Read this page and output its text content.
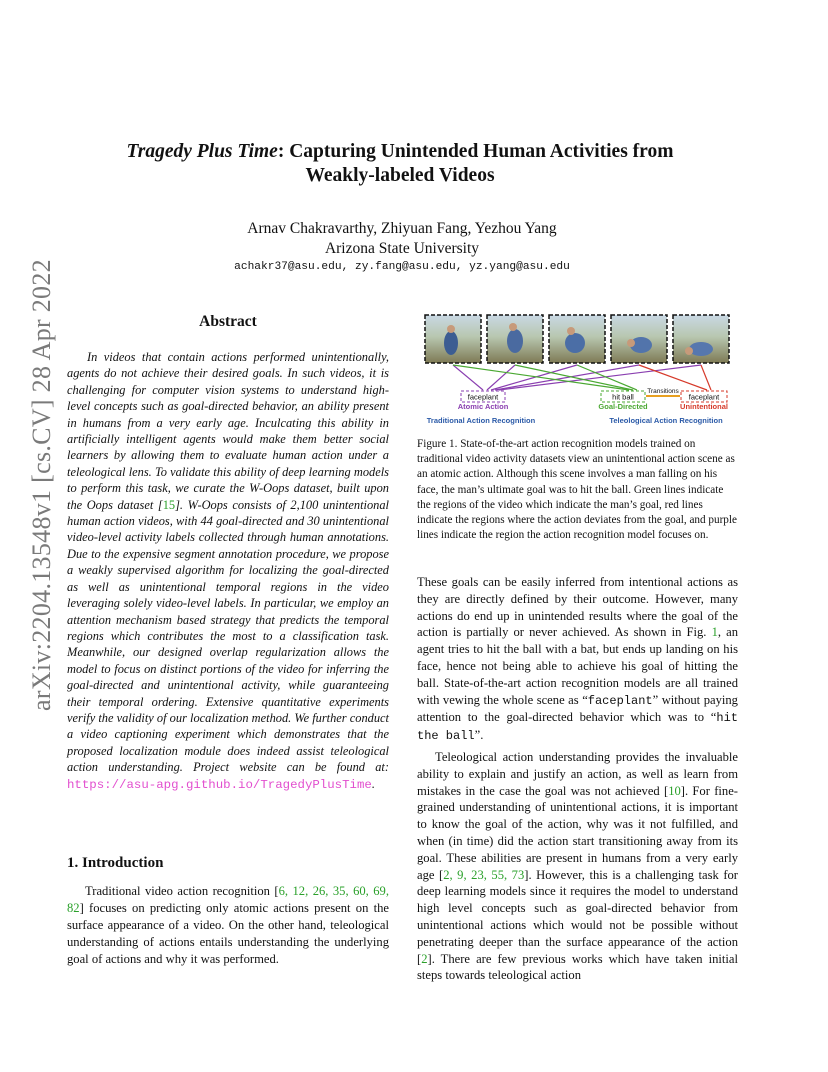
arXiv:2204.13548v1 [cs.CV] 28 Apr 2022
Tragedy Plus Time: Capturing Unintended Human Activities from
Weakly-labeled Videos
Arnav Chakravarthy, Zhiyuan Fang, Yezhou Yang
Arizona State University
achakr37@asu.edu, zy.fang@asu.edu, yz.yang@asu.edu
Abstract
In videos that contain actions performed unintentionally, agents do not achieve their desired goals. In such videos, it is challenging for computer vision systems to understand high-level concepts such as goal-directed behavior, an ability present in humans from a very early age. Inculcating this ability in artificially intelligent agents would make them better social learners by allowing them to evaluate human action under a teleological lens. To validate this ability of deep learning models to perform this task, we curate the W-Oops dataset, built upon the Oops dataset [15]. W-Oops consists of 2,100 unintentional human action videos, with 44 goal-directed and 30 unintentional video-level activity labels collected through human annotations. Due to the expensive segment annotation procedure, we propose a weakly supervised algorithm for localizing the goal-directed as well as unintentional temporal regions in the video leveraging solely video-level labels. In particular, we employ an attention mechanism based strategy that predicts the temporal regions which contributes the most to a classification task. Meanwhile, our designed overlap regularization allows the model to focus on distinct portions of the video for inferring the goal-directed and unintentional activity, while guaranteeing their temporal ordering. Extensive quantitative experiments verify the validity of our localization method. We further conduct a video captioning experiment which demonstrates that the proposed localization module does indeed assist teleological action understanding. Project website can be found at: https://asu-apg.github.io/TragedyPlusTime.
1. Introduction
Traditional video action recognition [6, 12, 26, 35, 60, 69, 82] focuses on predicting only atomic actions present on the surface appearance of a video. On the other hand, teleological understanding of actions entails understanding the underlying goal of actions and why it was performed.
faceplant
Atomic Action
Traditional Action Recognition
hit ball
Transitions
faceplant
Goal-Directed	Unintentional
Teleological Action Recognition
Figure 1. State-of-the-art action recognition models trained on traditional video activity datasets view an unintentional action scene as an atomic action. Although this scene involves a man falling on his face, the man’s ultimate goal was to hit the ball. Green lines indicate the regions of the video which indicate the man’s goal, red lines indicate the regions where the action deviates from the goal, and purple lines indicate the region the action recognition model focuses on.

These goals can be easily inferred from intentional actions as they are directly defined by their outcome. However, many actions do end up in unintended results where the goal of the action is partially or never achieved. As shown in Fig. 1, an agent tries to hit the ball with a bat, but ends up landing on his face, hence not being able to achieve his goal of hitting the ball. State-of-the-art action recognition models are all trained with vewing the whole scene as “faceplant” without paying attention to the goal-directed behavior which was to “hit the ball”.

Teleological action understanding provides the invaluable ability to explain and justify an action, as well as learn from mistakes in the case the goal was not achieved [10]. For fine-grained understanding of unintentional actions, it is important to know the goal of the action, why was it not fulfilled, and when (in time) did the action start transitioning away from its goal. These abilities are present in humans from a very early age [2, 9, 23, 55, 73]. However, this is a challenging task for deep learning models since it requires the model to understand high level concepts such as goal-directed behavior from unintentional actions which would not be possible without penetrating deeper than the surface appearance of the action [2]. There are few previous works which have taken initial steps towards teleological action
